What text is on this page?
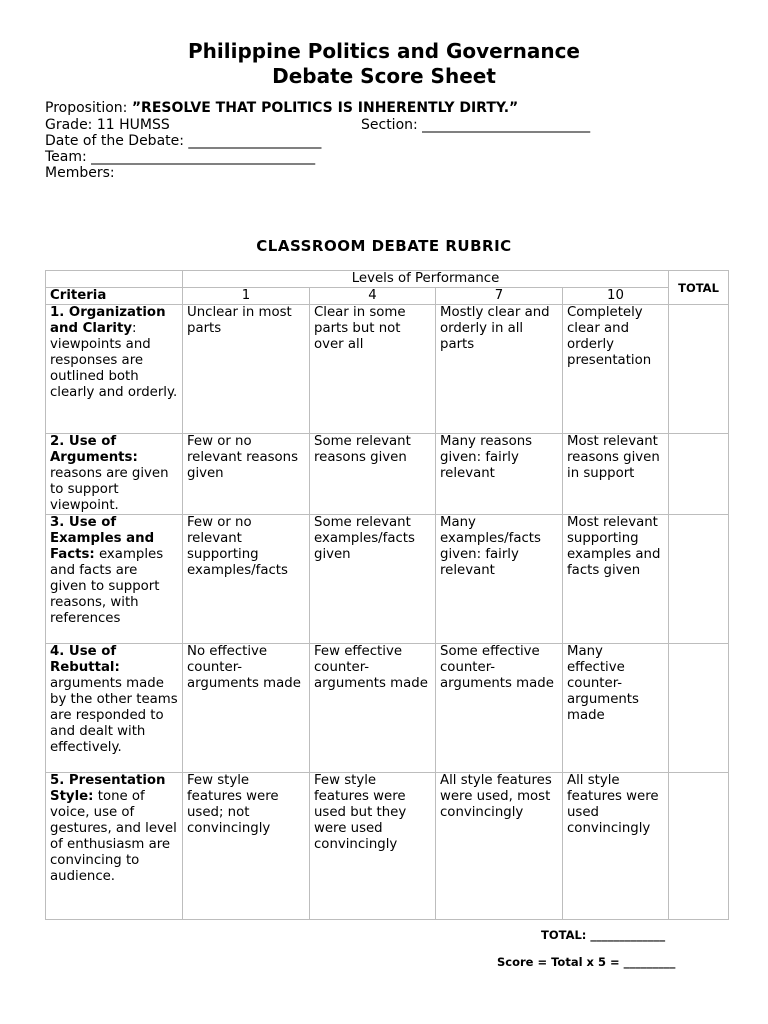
Philippine Politics and Governance
Debate Score Sheet
Proposition: ”RESOLVE THAT POLITICS IS INHERENTLY DIRTY.”
Grade: 11 HUMSS	Section: ________________________
Date of the Debate: ___________________
Team: ________________________________
Members:
CLASSROOM DEBATE RUBRIC
	Levels of Performance				TOTAL
Criteria	1	4	7	10	
1. Organization and Clarity: viewpoints and responses are outlined both clearly and orderly.	Unclear in most parts	Clear in some parts but not over all	Mostly clear and orderly in all parts	Completely clear and orderly presentation	
2. Use of Arguments: reasons are given to support viewpoint.	Few or no relevant reasons given	Some relevant reasons given	Many reasons given: fairly relevant	Most relevant reasons given in support	
3. Use of Examples and Facts: examples and facts are given to support reasons, with references	Few or no relevant supporting examples/facts	Some relevant examples/facts given	Many examples/facts given: fairly relevant	Most relevant supporting examples and facts given	
4. Use of Rebuttal: arguments made by the other teams are responded to and dealt with effectively.	No effective counter-arguments made	Few effective counter-arguments made	Some effective counter-arguments made	Many effective counter-arguments made	
5. Presentation Style: tone of voice, use of gestures, and level of enthusiasm are convincing to audience.	Few style features were used; not convincingly	Few style features were used but they were used convincingly	All style features were used, most convincingly	All style features were used convincingly	
TOTAL: _____________
Score = Total x 5 = _________
